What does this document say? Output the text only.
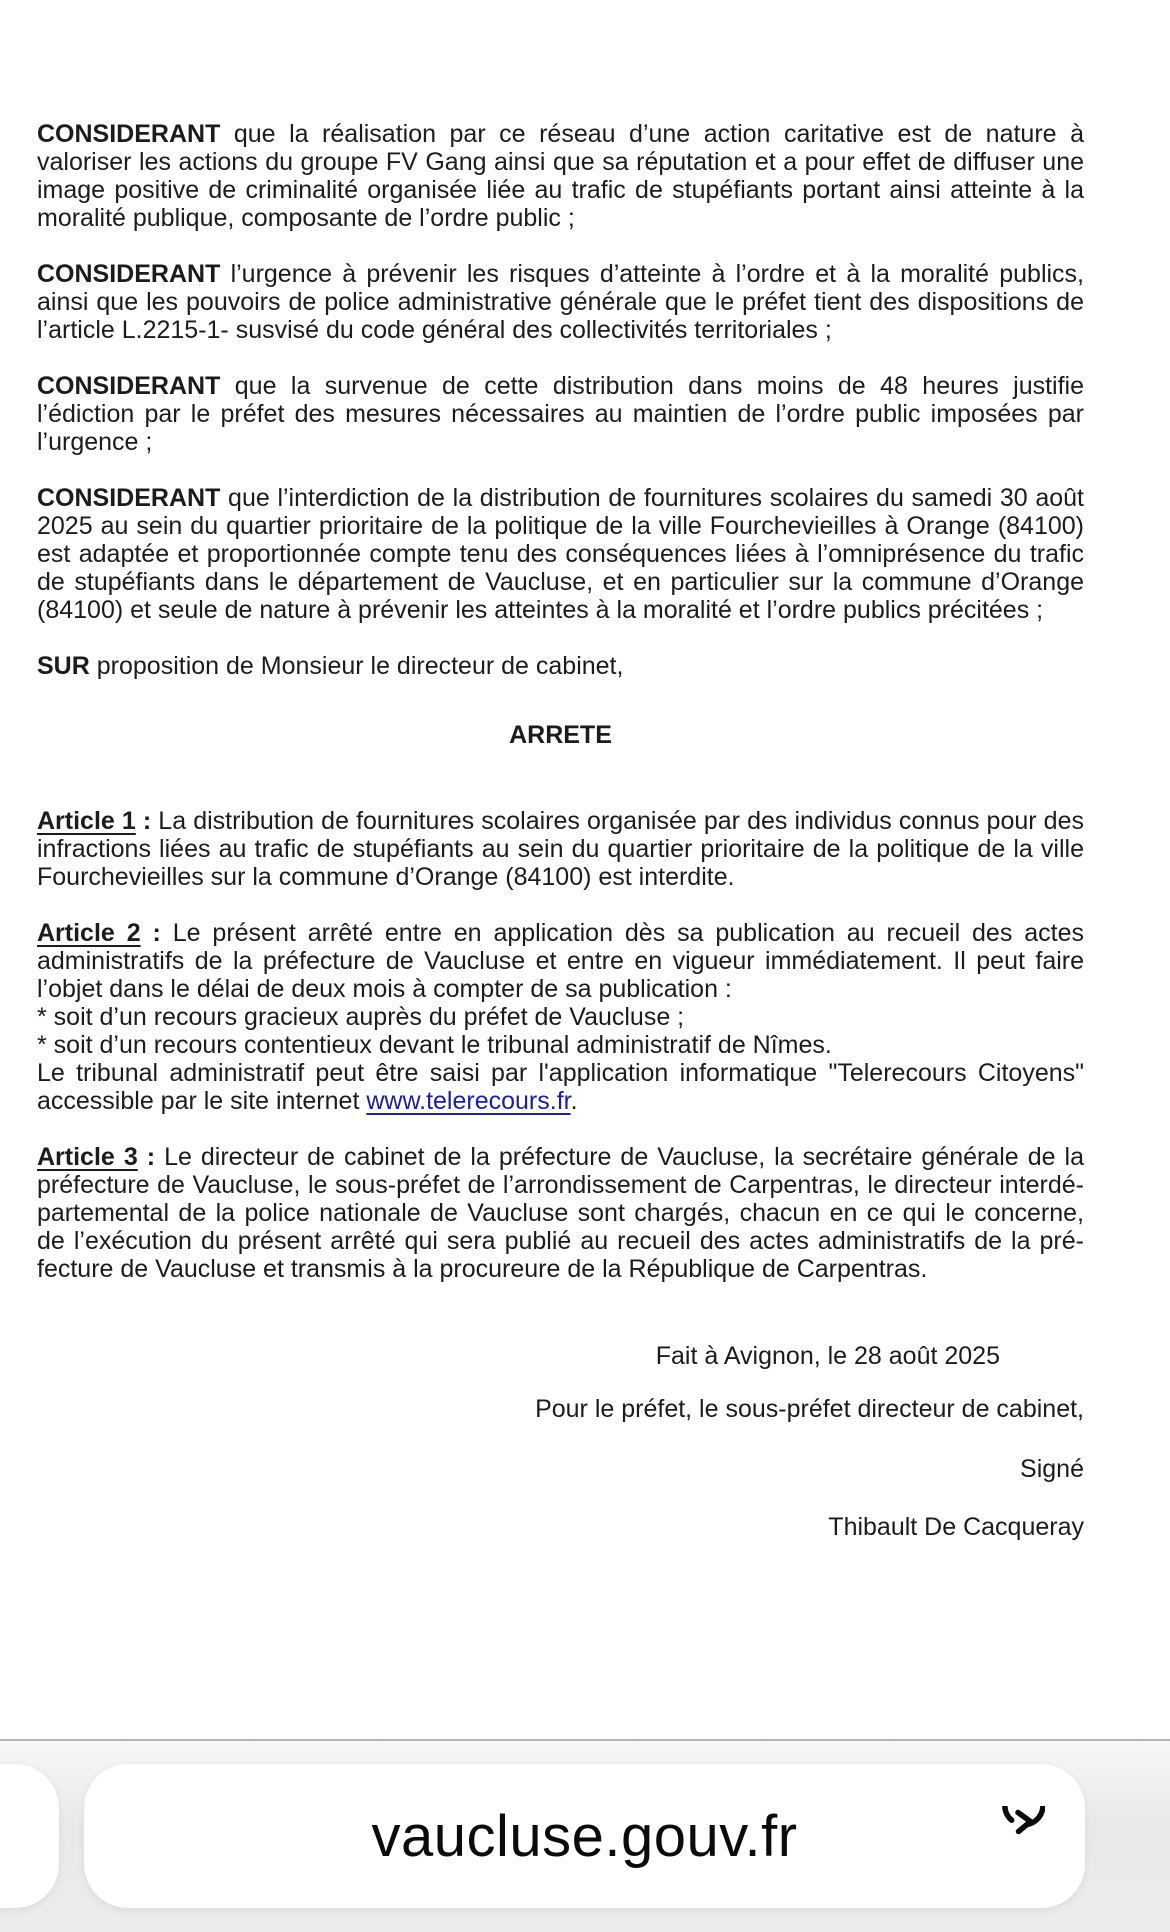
CONSIDERANT que la réalisation par ce réseau d’une action caritative est de nature à valoriser les actions du groupe FV Gang ainsi que sa réputation et a pour effet de diffuser une image positive de criminalité organisée liée au trafic de stupéfiants portant ainsi atteinte à la moralité publique, composante de l’ordre public ;

CONSIDERANT l’urgence à prévenir les risques d’atteinte à l’ordre et à la moralité publics, ainsi que les pouvoirs de police administrative générale que le préfet tient des dispositions de l’article L.2215-1- susvisé du code général des collectivités territoriales ;

CONSIDERANT que la survenue de cette distribution dans moins de 48 heures justifie l’édiction par le préfet des mesures nécessaires au maintien de l’ordre public imposées par l’urgence ;

CONSIDERANT que l’interdiction de la distribution de fournitures scolaires du samedi 30 août 2025 au sein du quartier prioritaire de la politique de la ville Fourchevieilles à Orange (84100) est adaptée et proportionnée compte tenu des conséquences liées à l’omniprésence du trafic de stupéfiants dans le département de Vaucluse, et en particulier sur la commune d’Orange (84100) et seule de nature à prévenir les atteintes à la moralité et l’ordre publics précitées ;

SUR proposition de Monsieur le directeur de cabinet,

ARRETE

Article 1 : La distribution de fournitures scolaires organisée par des individus connus pour des infractions liées au trafic de stupéfiants au sein du quartier prioritaire de la politique de la ville Fourchevieilles sur la commune d’Orange (84100) est interdite.

Article 2 : Le présent arrêté entre en application dès sa publication au recueil des actes administratifs de la préfecture de Vaucluse et entre en vigueur immédiatement. Il peut faire l’objet dans le délai de deux mois à compter de sa publication :
* soit d’un recours gracieux auprès du préfet de Vaucluse ;
* soit d’un recours contentieux devant le tribunal administratif de Nîmes.
Le tribunal administratif peut être saisi par l'application informatique "Telerecours Citoyens" accessible par le site internet www.telerecours.fr.

Article 3 : Le directeur de cabinet de la préfecture de Vaucluse, la secrétaire générale de la préfecture de Vaucluse, le sous-préfet de l’arrondissement de Carpentras, le directeur interdépartemental de la police nationale de Vaucluse sont chargés, chacun en ce qui le concerne, de l’exécution du présent arrêté qui sera publié au recueil des actes administratifs de la préfecture de Vaucluse et transmis à la procureure de la République de Carpentras.

Fait à Avignon, le 28 août 2025

Pour le préfet, le sous-préfet directeur de cabinet,

Signé

Thibault De Cacqueray

vaucluse.gouv.fr
